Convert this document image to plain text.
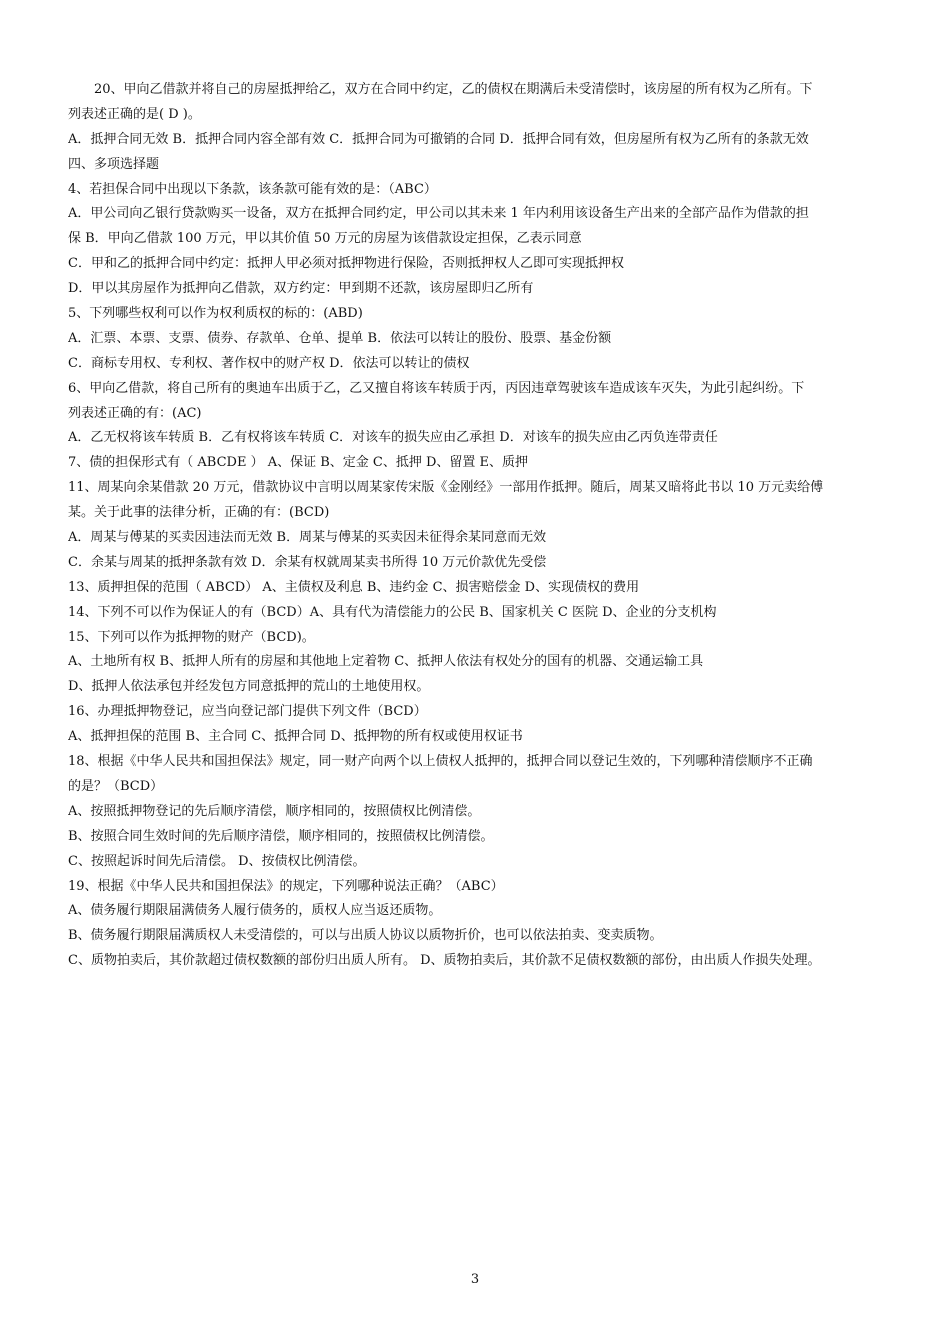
20、甲向乙借款并将自己的房屋抵押给乙，双方在合同中约定，乙的债权在期满后未受清偿时，该房屋的所有权为乙所有。下
列表述正确的是( D )。
A．抵押合同无效 B．抵押合同内容全部有效 C．抵押合同为可撤销的合同 D．抵押合同有效，但房屋所有权为乙所有的条款无效
四、多项选择题
4、若担保合同中出现以下条款，该条款可能有效的是：（ABC）
A．甲公司向乙银行贷款购买一设备，双方在抵押合同约定，甲公司以其未来 1 年内利用该设备生产出来的全部产品作为借款的担
保 B．甲向乙借款 100 万元，甲以其价值 50 万元的房屋为该借款设定担保，乙表示同意
C．甲和乙的抵押合同中约定：抵押人甲必须对抵押物进行保险，否则抵押权人乙即可实现抵押权
D．甲以其房屋作为抵押向乙借款，双方约定：甲到期不还款，该房屋即归乙所有
5、下列哪些权利可以作为权利质权的标的：(ABD)
A．汇票、本票、支票、债券、存款单、仓单、提单 B．依法可以转让的股份、股票、基金份额
C．商标专用权、专利权、著作权中的财产权 D．依法可以转让的债权
6、甲向乙借款，将自己所有的奥迪车出质于乙，乙又擅自将该车转质于丙，丙因违章驾驶该车造成该车灭失，为此引起纠纷。下
列表述正确的有：(AC)
A．乙无权将该车转质 B．乙有权将该车转质 C．对该车的损失应由乙承担 D．对该车的损失应由乙丙负连带责任
7、债的担保形式有（ ABCDE ） A、保证 B、定金 C、抵押 D、留置 E、质押
11、周某向余某借款 20 万元，借款协议中言明以周某家传宋版《金刚经》一部用作抵押。随后，周某又暗将此书以 10 万元卖给傅
某。关于此事的法律分析，正确的有：(BCD)
A．周某与傅某的买卖因违法而无效 B．周某与傅某的买卖因未征得余某同意而无效
C．余某与周某的抵押条款有效 D．余某有权就周某卖书所得 10 万元价款优先受偿
13、质押担保的范围（ ABCD） A、主债权及利息 B、违约金 C、损害赔偿金 D、实现债权的费用
14、下列不可以作为保证人的有（BCD）A、具有代为清偿能力的公民 B、国家机关 C 医院 D、企业的分支机构
15、下列可以作为抵押物的财产（BCD)。
A、土地所有权 B、抵押人所有的房屋和其他地上定着物 C、抵押人依法有权处分的国有的机器、交通运输工具
D、抵押人依法承包并经发包方同意抵押的荒山的土地使用权。
16、办理抵押物登记，应当向登记部门提供下列文件（BCD）
A、抵押担保的范围 B、主合同 C、抵押合同 D、抵押物的所有权或使用权证书
18、根据《中华人民共和国担保法》规定，同一财产向两个以上债权人抵押的，抵押合同以登记生效的，下列哪种清偿顺序不正确
的是？（BCD）
A、按照抵押物登记的先后顺序清偿，顺序相同的，按照债权比例清偿。
B、按照合同生效时间的先后顺序清偿，顺序相同的，按照债权比例清偿。
C、按照起诉时间先后清偿。 D、按债权比例清偿。
19、根据《中华人民共和国担保法》的规定，下列哪种说法正确？（ABC）
A、债务履行期限届满债务人履行债务的，质权人应当返还质物。
B、债务履行期限届满质权人未受清偿的，可以与出质人协议以质物折价，也可以依法拍卖、变卖质物。
C、质物拍卖后，其价款超过债权数额的部份归出质人所有。 D、质物拍卖后，其价款不足债权数额的部份，由出质人作损失处理。
3
